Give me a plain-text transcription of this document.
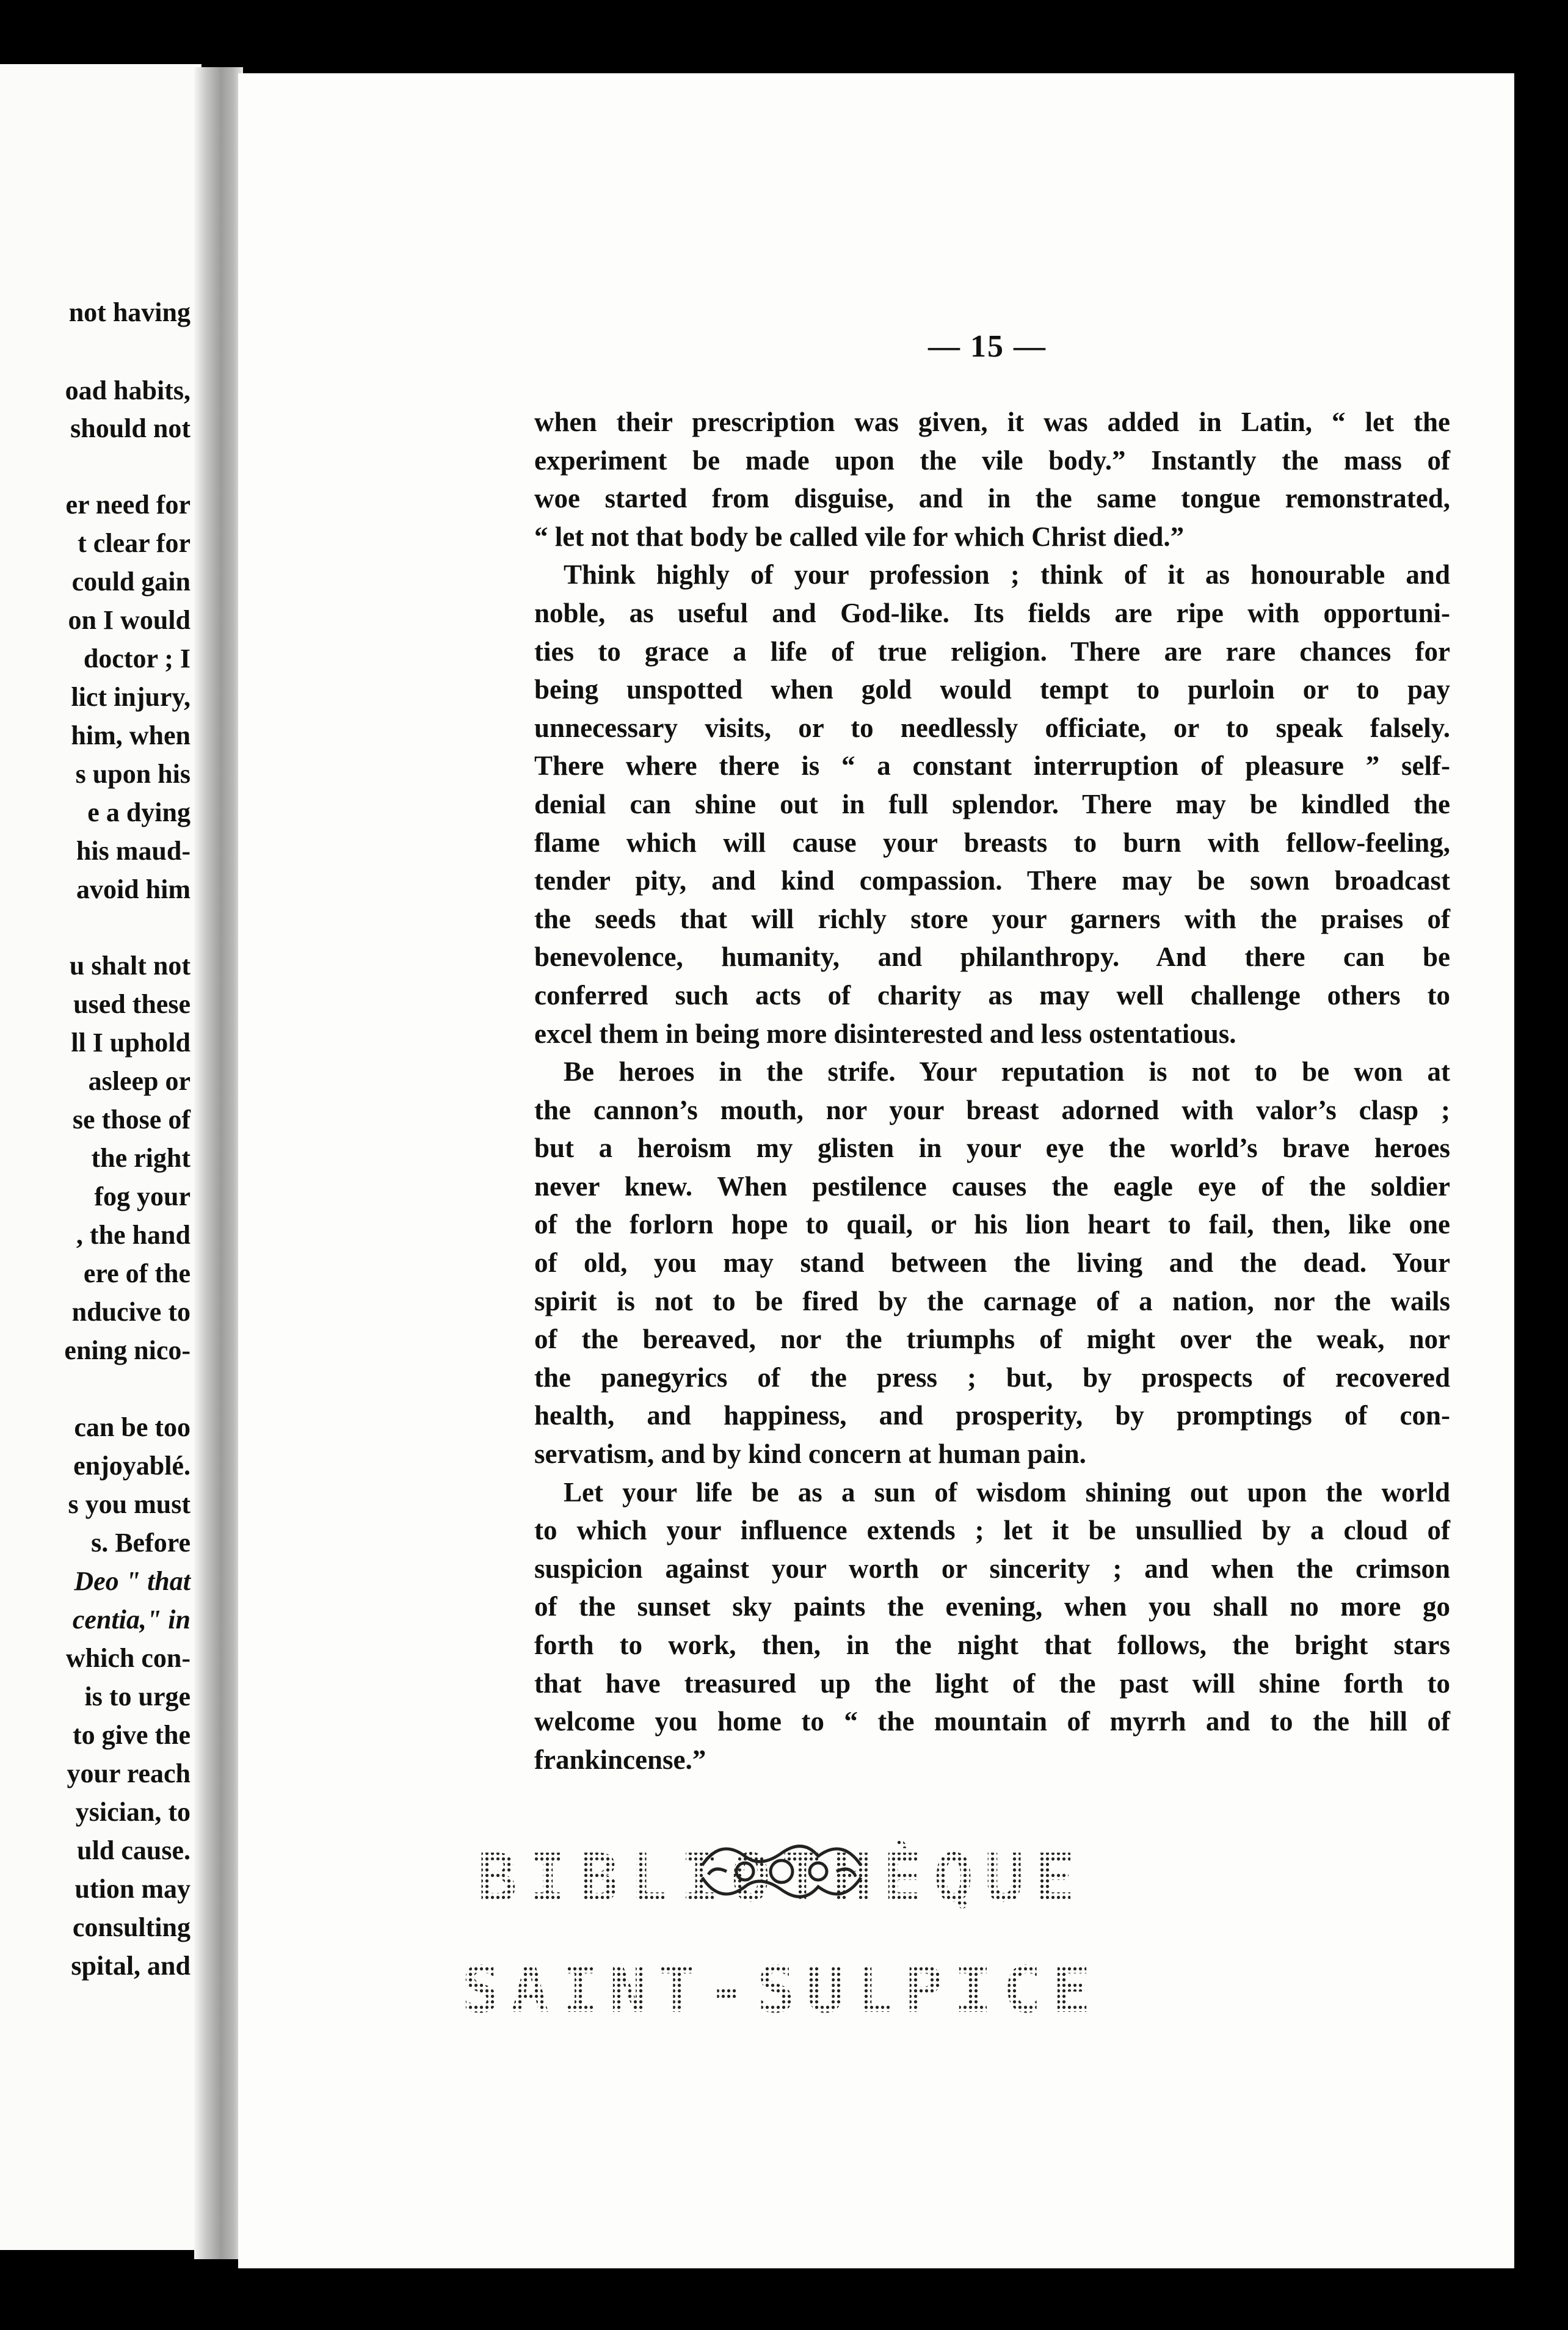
not having
oad habits,
should not
er need for
t clear for
could gain
on I would
doctor ; I
lict injury,
him, when
s upon his
e a dying
his maud-
avoid him
u shalt not
used these
ll I uphold
asleep or
se those of
the right
fog your
, the hand
ere of the
nducive to
ening nico-
can be too
enjoyablé.
s you must
s. Before
Deo " that
centia," in
which con-
is to urge
to give the
your reach
ysician, to
uld cause.
ution may
consulting
spital, and
— 15 —
when their prescription was given, it was added in Latin, “ let the
experiment be made upon the vile body.” Instantly the mass of
woe started from disguise, and in the same tongue remonstrated,
“ let not that body be called vile for which Christ died.”
Think highly of your profession ; think of it as honourable and
noble, as useful and God-like. Its fields are ripe with opportuni-
ties to grace a life of true religion. There are rare chances for
being unspotted when gold would tempt to purloin or to pay
unnecessary visits, or to needlessly officiate, or to speak falsely.
There where there is “ a constant interruption of pleasure ” self-
denial can shine out in full splendor. There may be kindled the
flame which will cause your breasts to burn with fellow-feeling,
tender pity, and kind compassion. There may be sown broadcast
the seeds that will richly store your garners with the praises of
benevolence, humanity, and philanthropy. And there can be
conferred such acts of charity as may well challenge others to
excel them in being more disinterested and less ostentatious.
Be heroes in the strife. Your reputation is not to be won at
the cannon’s mouth, nor your breast adorned with valor’s clasp ;
but a heroism my glisten in your eye the world’s brave heroes
never knew. When pestilence causes the eagle eye of the soldier
of the forlorn hope to quail, or his lion heart to fail, then, like one
of old, you may stand between the living and the dead. Your
spirit is not to be fired by the carnage of a nation, nor the wails
of the bereaved, nor the triumphs of might over the weak, nor
the panegyrics of the press ; but, by prospects of recovered
health, and happiness, and prosperity, by promptings of con-
servatism, and by kind concern at human pain.
Let your life be as a sun of wisdom shining out upon the world
to which your influence extends ; let it be unsullied by a cloud of
suspicion against your worth or sincerity ; and when the crimson
of the sunset sky paints the evening, when you shall no more go
forth to work, then, in the night that follows, the bright stars
that have treasured up the light of the past will shine forth to
welcome you home to “ the mountain of myrrh and to the hill of
frankincense.”
BIBLIOTHÈQUE
SAINT-SULPICE
